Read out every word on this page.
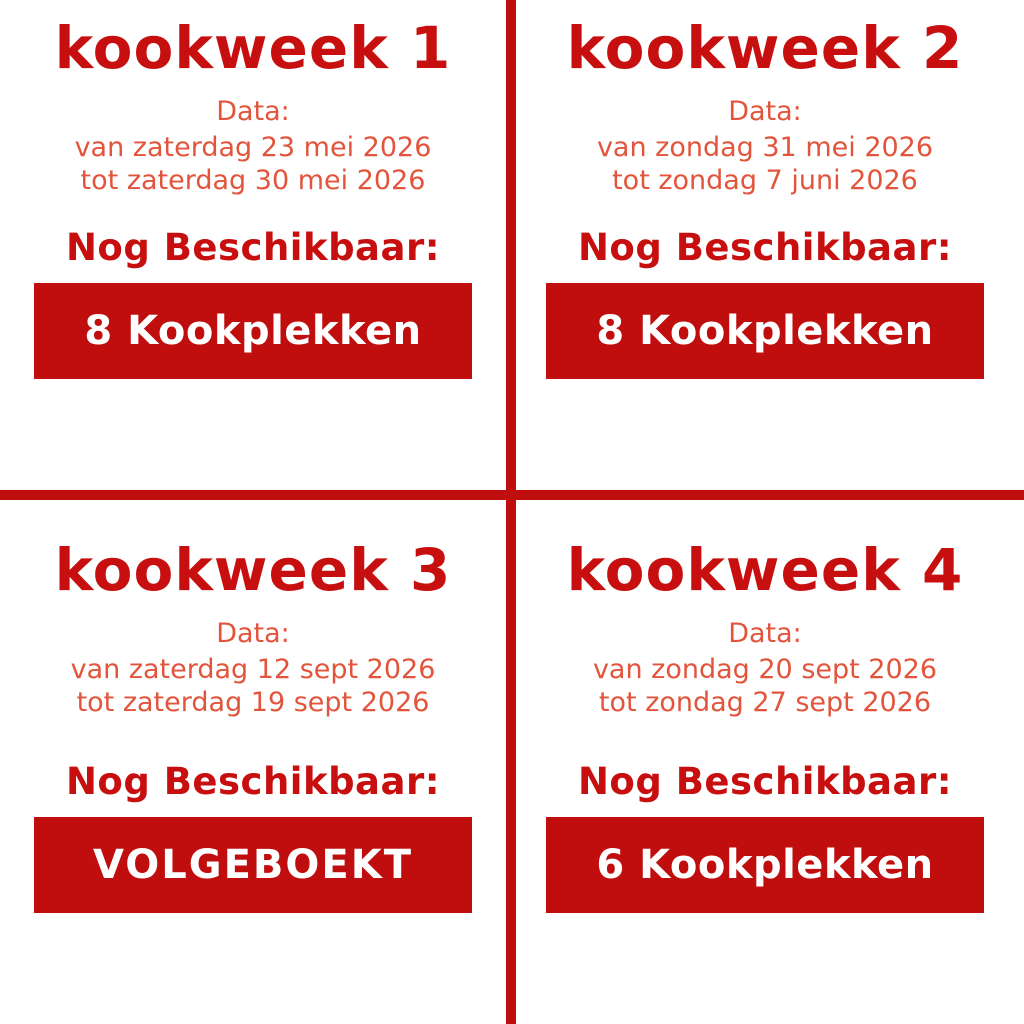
kookweek 1
Data:
van zaterdag 23 mei 2026
tot zaterdag 30 mei 2026
Nog Beschikbaar:
8 Kookplekken
kookweek 2
Data:
van zondag 31 mei 2026
tot zondag 7 juni 2026
Nog Beschikbaar:
8 Kookplekken
kookweek 3
Data:
van zaterdag 12 sept 2026
tot zaterdag 19 sept 2026
Nog Beschikbaar:
VOLGEBOEKT
kookweek 4
Data:
van zondag 20 sept 2026
tot zondag 27 sept 2026
Nog Beschikbaar:
6 Kookplekken
